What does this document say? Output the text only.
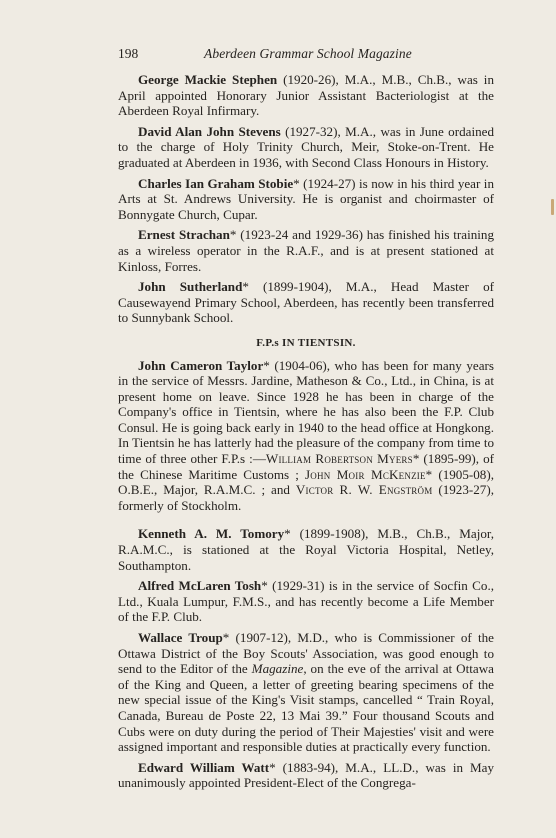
198	Aberdeen Grammar School Magazine

George Mackie Stephen (1920-26), M.A., M.B., Ch.B., was in April appointed Honorary Junior Assistant Bacteriologist at the Aberdeen Royal Infirmary.

David Alan John Stevens (1927-32), M.A., was in June ordained to the charge of Holy Trinity Church, Meir, Stoke-on-Trent. He graduated at Aberdeen in 1936, with Second Class Honours in History.

Charles Ian Graham Stobie* (1924-27) is now in his third year in Arts at St. Andrews University. He is organist and choirmaster of Bonnygate Church, Cupar.

Ernest Strachan* (1923-24 and 1929-36) has finished his training as a wireless operator in the R.A.F., and is at present stationed at Kinloss, Forres.

John Sutherland* (1899-1904), M.A., Head Master of Causewayend Primary School, Aberdeen, has recently been transferred to Sunnybank School.

F.P.s IN TIENTSIN.

John Cameron Taylor* (1904-06), who has been for many years in the service of Messrs. Jardine, Matheson & Co., Ltd., in China, is at present home on leave. Since 1928 he has been in charge of the Company's office in Tientsin, where he has also been the F.P. Club Consul. He is going back early in 1940 to the head office at Hongkong. In Tientsin he has latterly had the pleasure of the company from time to time of three other F.P.s :—William Robertson Myers* (1895-99), of the Chinese Maritime Customs ; John Moir McKenzie* (1905-08), O.B.E., Major, R.A.M.C. ; and Victor R. W. Engström (1923-27), formerly of Stockholm.

Kenneth A. M. Tomory* (1899-1908), M.B., Ch.B., Major, R.A.M.C., is stationed at the Royal Victoria Hospital, Netley, Southampton.

Alfred McLaren Tosh* (1929-31) is in the service of Socfin Co., Ltd., Kuala Lumpur, F.M.S., and has recently become a Life Member of the F.P. Club.

Wallace Troup* (1907-12), M.D., who is Commissioner of the Ottawa District of the Boy Scouts' Association, was good enough to send to the Editor of the Magazine, on the eve of the arrival at Ottawa of the King and Queen, a letter of greeting bearing specimens of the new special issue of the King's Visit stamps, cancelled “ Train Royal, Canada, Bureau de Poste 22, 13 Mai 39.” Four thousand Scouts and Cubs were on duty during the period of Their Majesties' visit and were assigned important and responsible duties at practically every function.

Edward William Watt* (1883-94), M.A., LL.D., was in May unanimously appointed President-Elect of the Congrega-
